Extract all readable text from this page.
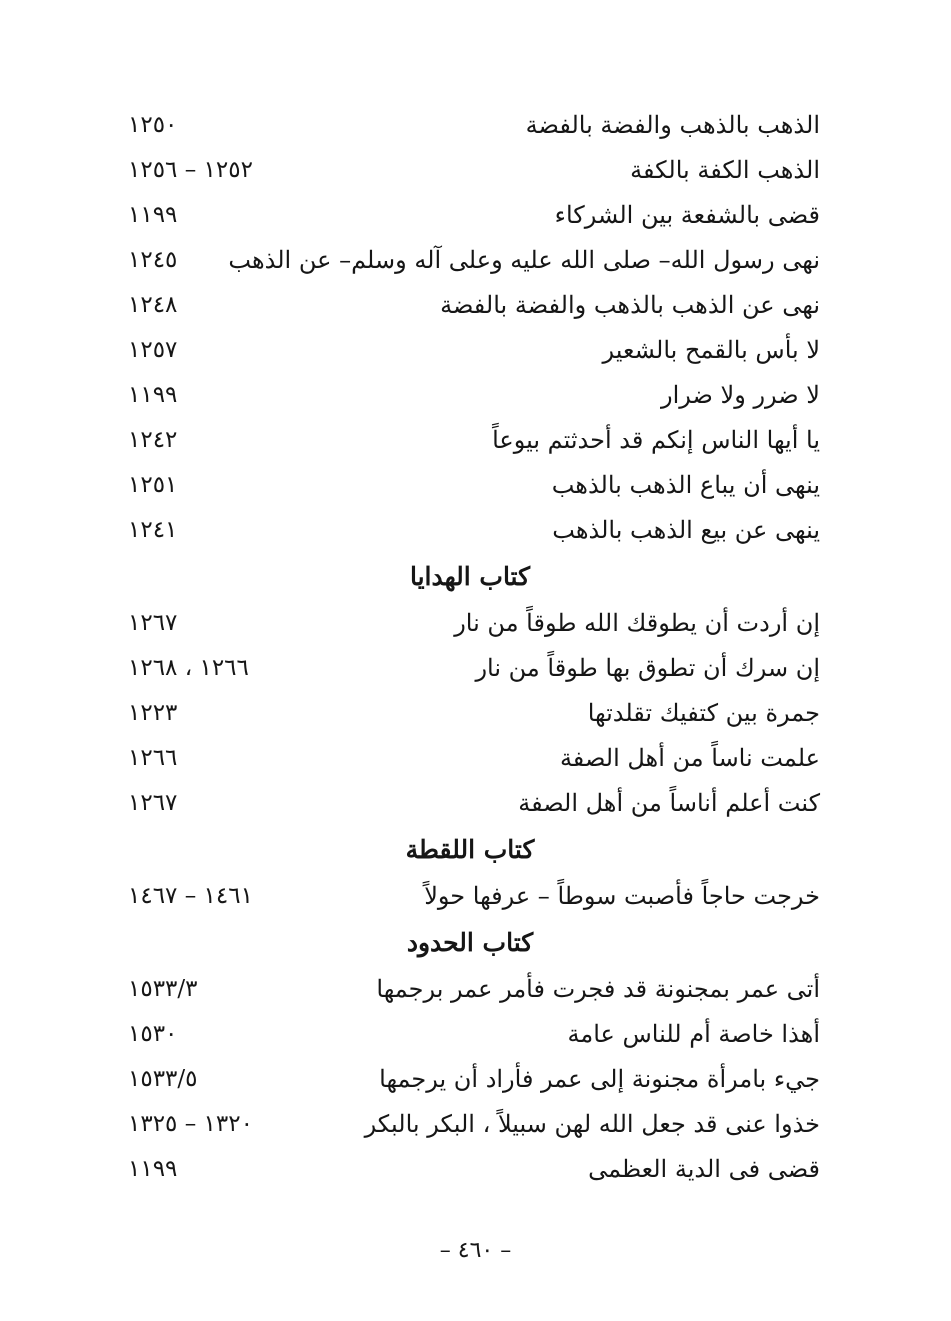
الذهب بالذهب والفضة بالفضة
١٢٥٠
الذهب الكفة بالكفة
١٢٥٢ – ١٢٥٦
قضى بالشفعة بين الشركاء
١١٩٩
نهى رسول الله– صلى الله عليه وعلى آله وسلم– عن الذهب
١٢٤٥
نهى عن الذهب بالذهب والفضة بالفضة
١٢٤٨
لا بأس بالقمح بالشعير
١٢٥٧
لا ضرر ولا ضرار
١١٩٩
يا أيها الناس إنكم قد أحدثتم بيوعاً
١٢٤٢
ينهى أن يباع الذهب بالذهب
١٢٥١
ينهى عن بيع الذهب بالذهب
١٢٤١
كتاب الهدايا
إن أردت أن يطوقك الله طوقاً من نار
١٢٦٧
إن سرك أن تطوق بها طوقاً من نار
١٢٦٦ ، ١٢٦٨
جمرة بين كتفيك تقلدتها
١٢٢٣
علمت ناساً من أهل الصفة
١٢٦٦
كنت أعلم أناساً من أهل الصفة
١٢٦٧
كتاب اللقطة
خرجت حاجاً فأصبت سوطاً – عرفها حولاً
١٤٦١ – ١٤٦٧
كتاب الحدود
أتى عمر بمجنونة قد فجرت فأمر عمر برجمها
١٥٣٣/٣
أهذا خاصة أم للناس عامة
١٥٣٠
جيء بامرأة مجنونة إلى عمر فأراد أن يرجمها
١٥٣٣/٥
خذوا عنى قد جعل الله لهن سبيلاً ، البكر بالبكر
١٣٢٠ – ١٣٢٥
قضى فى الدية العظمى
١١٩٩
– ٤٦٠ –
